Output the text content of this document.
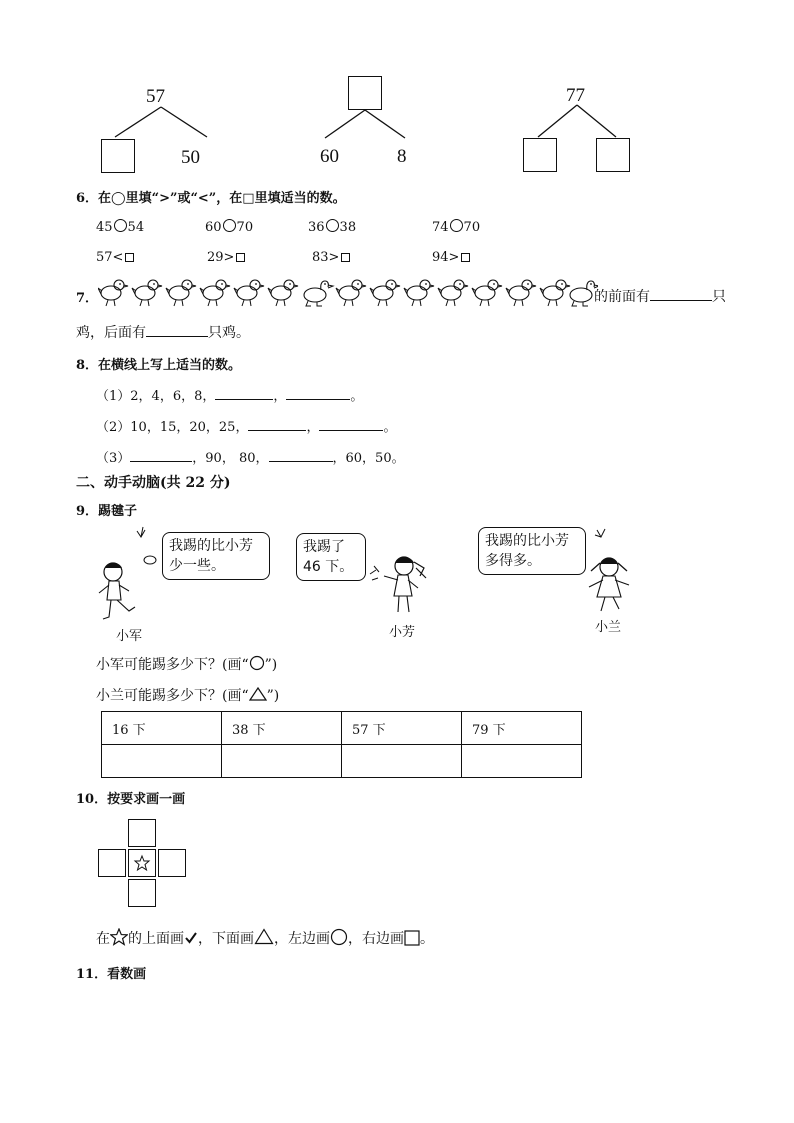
57
50	60	8
77
6．在◯里填“>”或“<”，在□里填适当的数。
45 54	60 70	36 38	74 70
57<	29>	83>	94>
7．	的前面有	只
鸡，后面有	只鸡。
8．在横线上写上适当的数。
（1）2，4，6，8，	，	。
（2）10，15，20，25，	，	。
（3）	，90， 80，	，60，50。
二、动手动脑(共 22 分)
9．踢毽子
我踢的比小芳少一些。
我踢了46 下。
我踢的比小芳多得多。
小军	小芳	小兰
小军可能踢多少下？(画“ ”)
小兰可能踢多少下？(画“ ”)
16 下	38 下	57 下	79 下

10．按要求画一画
在 的上面画 ，下面画 ，左边画 ，右边画 。
11．看数画
